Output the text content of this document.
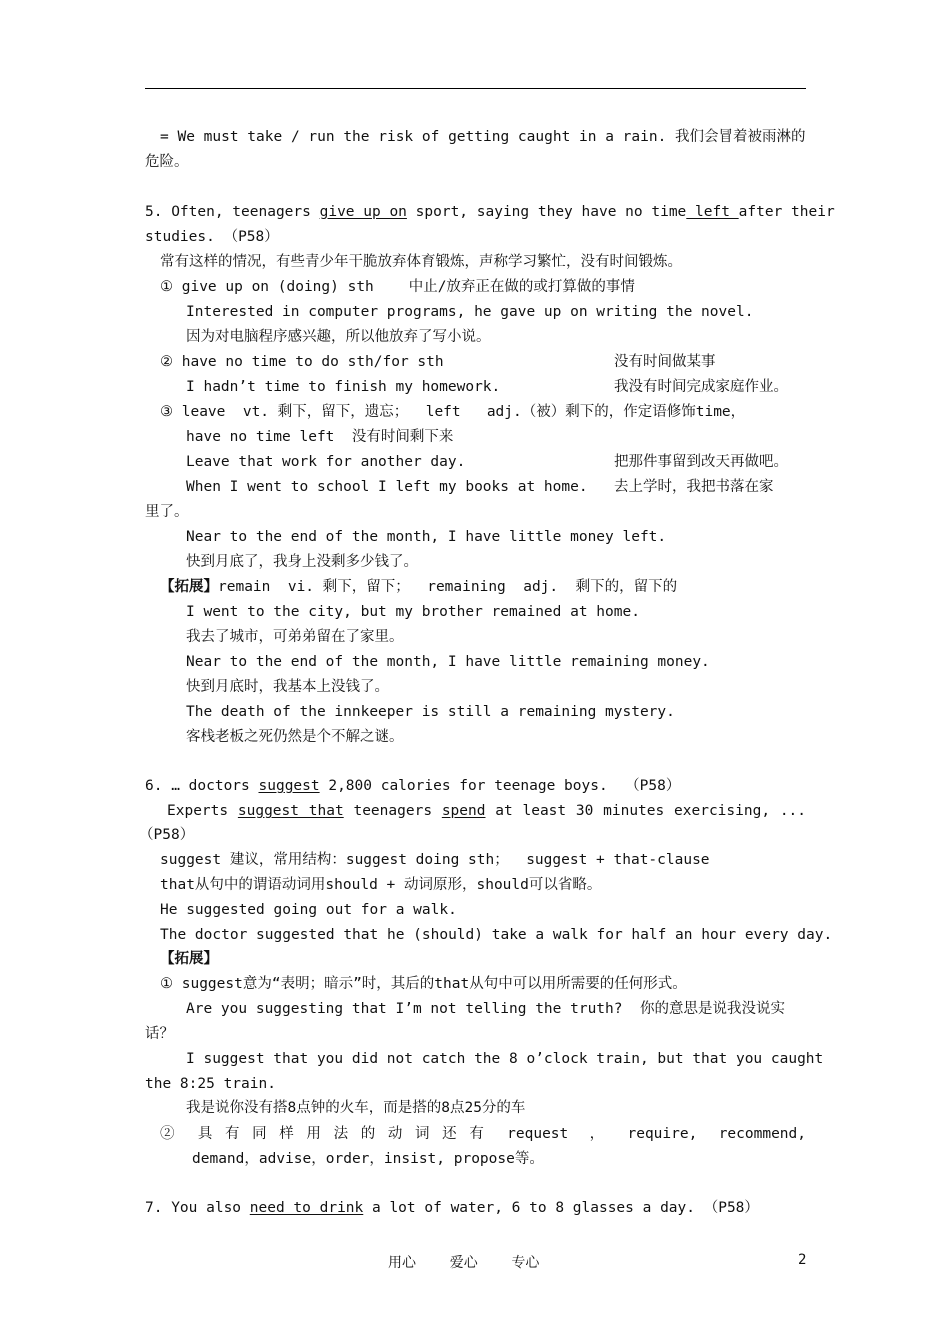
= We must take / run the risk of getting caught in a rain. 我们会冒着被雨淋的
危险。
5. Often, teenagers give up on sport, saying they have no time left after their
studies. （P58）
常有这样的情况，有些青少年干脆放弃体育锻炼，声称学习繁忙，没有时间锻炼。
① give up on (doing) sth    中止/放弃正在做的或打算做的事情
Interested in computer programs, he gave up on writing the novel.
因为对电脑程序感兴趣，所以他放弃了写小说。
② have no time to do sth/for sth	没有时间做某事
I hadn’t time to finish my homework.	我没有时间完成家庭作业。
③ leave  vt. 剩下，留下，遗忘；  left   adj.（被）剩下的，作定语修饰time，
have no time left  没有时间剩下来
Leave that work for another day.	把那件事留到改天再做吧。
When I went to school I left my books at home. 去上学时，我把书落在家
里了。
Near to the end of the month, I have little money left.
快到月底了，我身上没剩多少钱了。
【拓展】remain  vi. 剩下，留下；  remaining  adj.  剩下的，留下的
I went to the city, but my brother remained at home.
我去了城市，可弟弟留在了家里。
Near to the end of the month, I have little remaining money.
快到月底时，我基本上没钱了。
The death of the innkeeper is still a remaining mystery.
客栈老板之死仍然是个不解之谜。
6. … doctors suggest 2,800 calories for teenage boys.  （P58）
Experts suggest that teenagers spend at least 30 minutes exercising, ...
（P58）
suggest 建议，常用结构：suggest doing sth；  suggest + that-clause
that从句中的谓语动词用should + 动词原形，should可以省略。
He suggested going out for a walk.
The doctor suggested that he (should) take a walk for half an hour every day.
【拓展】
① suggest意为“表明；暗示”时，其后的that从句中可以用所需要的任何形式。
Are you suggesting that I’m not telling the truth? 你的意思是说我没说实
话？
I suggest that you did not catch the 8 o’clock train, but that you caught
the 8:25 train.
我是说你没有搭8点钟的火车，而是搭的8点25分的车
②  具 有 同 样 用 法 的 动 词 还 有  request  ，  require,  recommend,
demand，advise，order，insist, propose等。
7. You also need to drink a lot of water, 6 to 8 glasses a day. （P58）
用心    爱心    专心	2
